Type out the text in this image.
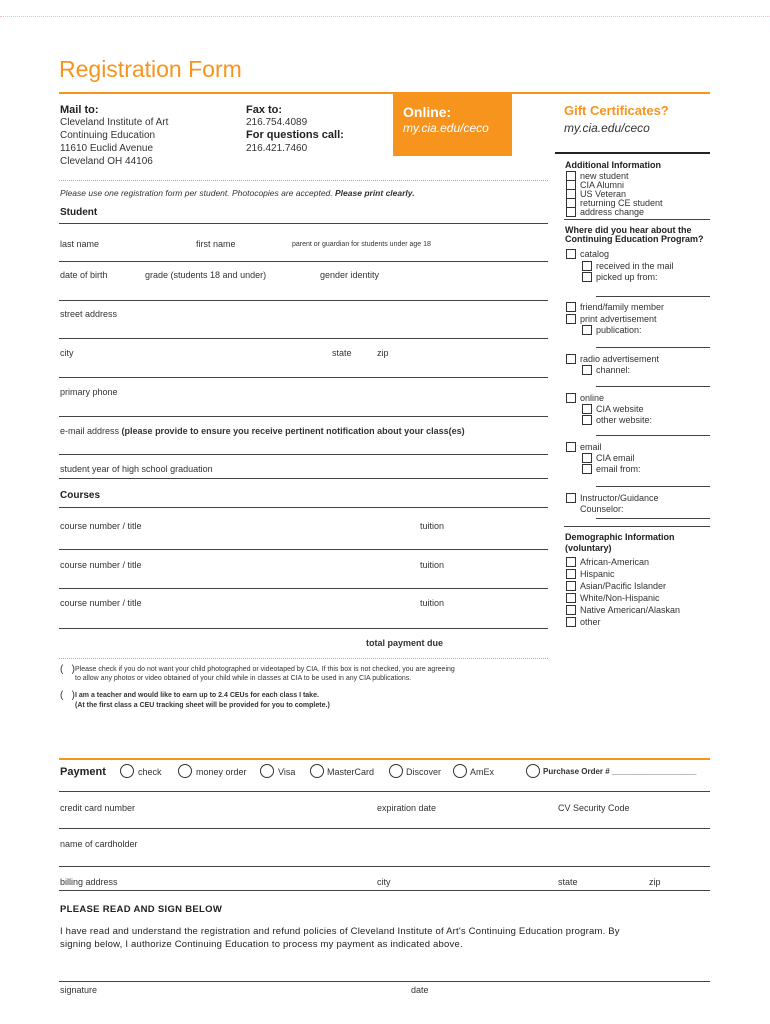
Registration Form
Mail to:
Cleveland Institute of Art
Continuing Education
11610 Euclid Avenue
Cleveland OH 44106
Fax to:
216.754.4089
For questions call:
216.421.7460
Online:
my.cia.edu/ceco
Gift Certificates?
my.cia.edu/ceco
Please use one registration form per student. Photocopies are accepted. Please print clearly.
Student
last name	first name	parent or guardian for students under age 18
date of birth	grade (students 18 and under)	gender identity
street address
city	state	zip
primary phone
e-mail address (please provide to ensure you receive pertinent notification about your class(es)
student year of high school graduation
Courses
course number / title	tuition
course number / title	tuition
course number / title	tuition
total payment due
(   ) Please check if you do not want your child photographed or videotaped by CIA. If this box is not checked, you are agreeing
to allow any photos or video obtained of your child while in classes at CIA to be used in any CIA publications.
(   ) I am a teacher and would like to earn up to 2.4 CEUs for each class I take.
(At the first class a CEU tracking sheet will be provided for you to complete.)
Additional Information
new student
CIA Alumni
US Veteran
returning CE student
address change
Where did you hear about the
Continuing Education Program?
catalog
received in the mail
picked up from:
friend/family member
print advertisement
publication:
radio advertisement
channel:
online
CIA website
other website:
email
CIA email
email from:
Instructor/Guidance
Counselor:
Demographic Information
(voluntary)
African-American
Hispanic
Asian/Pacific Islander
White/Non-Hispanic
Native American/Alaskan
other
Payment	check	money order	Visa	MasterCard	Discover	AmEx	Purchase Order # ___________________
credit card number	expiration date	CV Security Code
name of cardholder
billing address	city	state	zip
PLEASE READ AND SIGN BELOW
I have read and understand the registration and refund policies of Cleveland Institute of Art's Continuing Education program. By
signing below, I authorize Continuing Education to process my payment as indicated above.
signature	date
